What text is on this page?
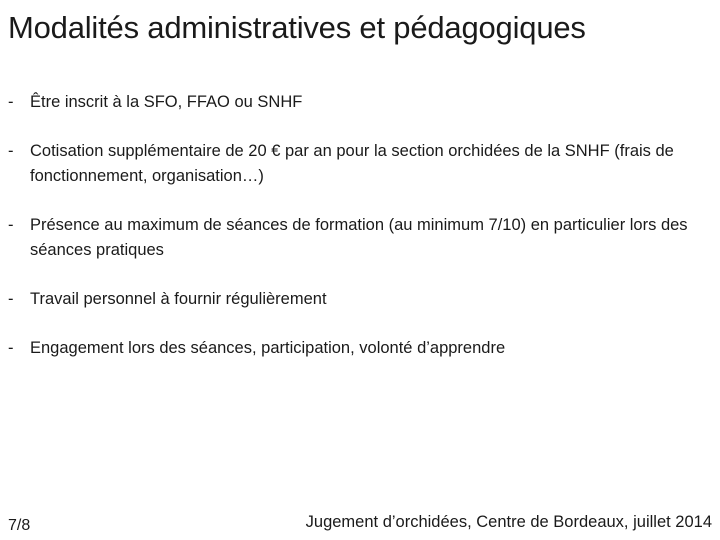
Modalités administratives et pédagogiques
-	Être inscrit à la SFO, FFAO ou SNHF
-	Cotisation supplémentaire de 20 € par an pour la section orchidées de la SNHF (frais de fonctionnement, organisation…)
-	Présence au maximum de séances de formation (au minimum 7/10) en particulier lors des séances pratiques
-	Travail personnel à fournir régulièrement
-	Engagement lors des séances, participation, volonté d’apprendre
7/8	Jugement d’orchidées, Centre de Bordeaux, juillet 2014
